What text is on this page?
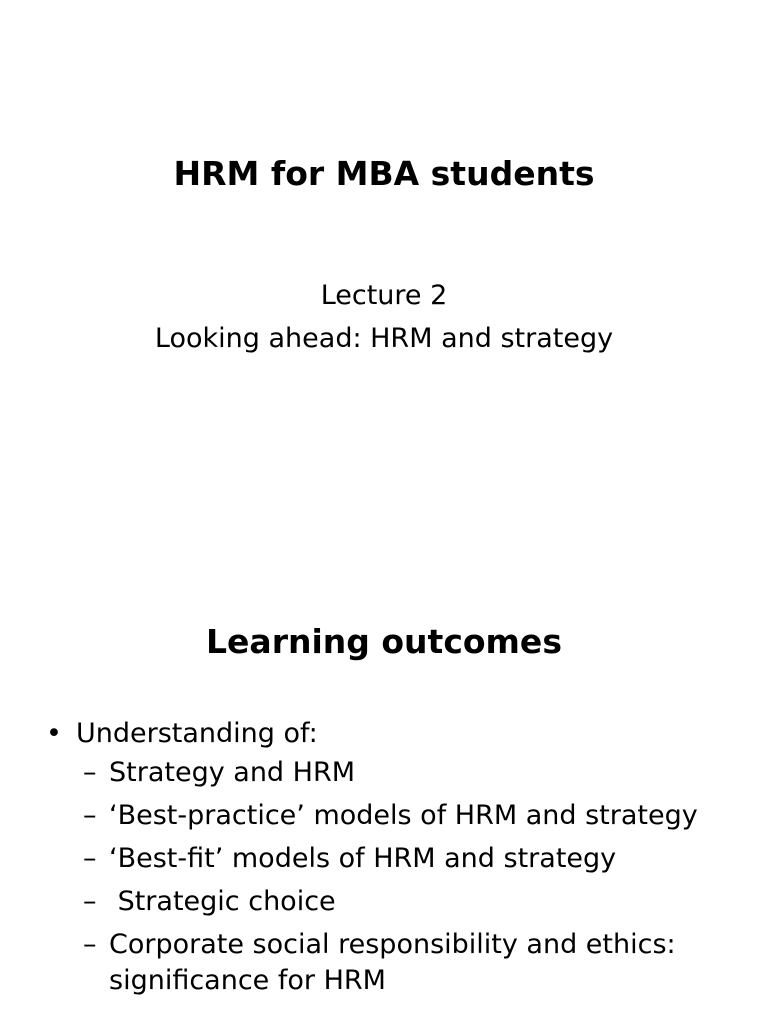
HRM for MBA students
Lecture 2
Looking ahead: HRM and strategy
Learning outcomes
• Understanding of:
– Strategy and HRM
– ‘Best-practice’ models of HRM and strategy
– ‘Best-fit’ models of HRM and strategy
– Strategic choice
– Corporate social responsibility and ethics: significance for HRM
